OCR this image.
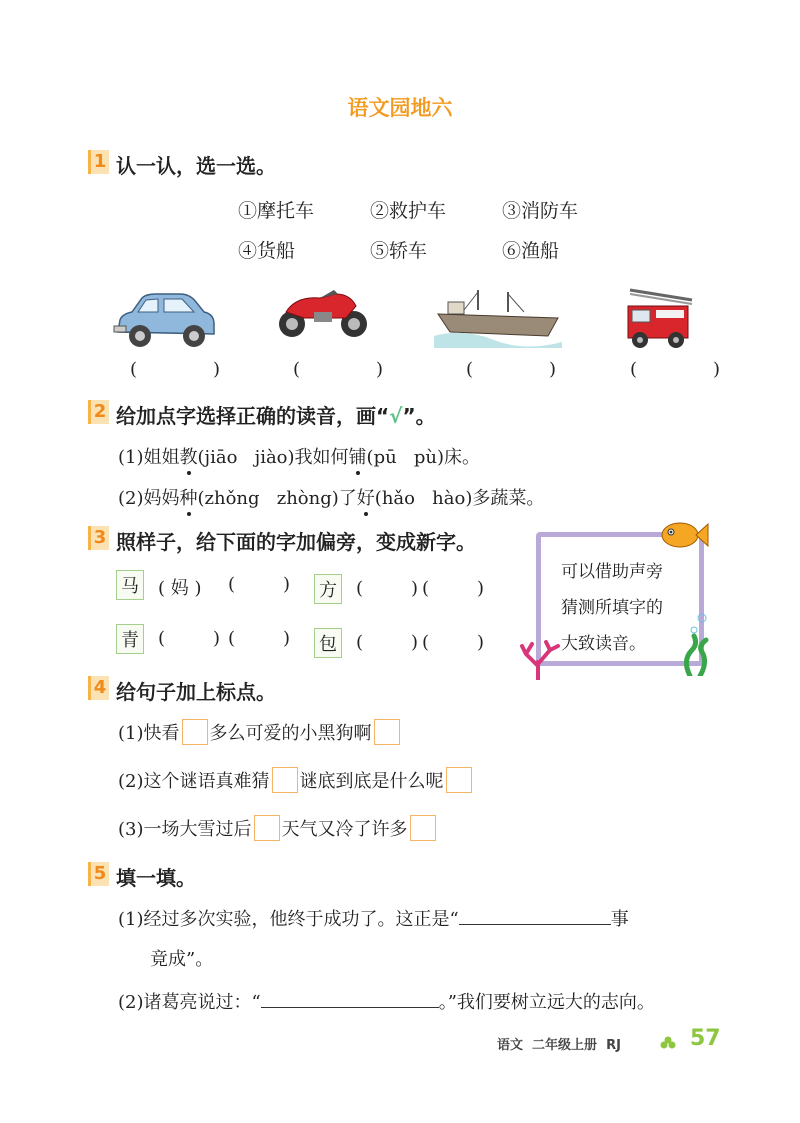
语文园地六
1 认一认，选一选。
①摩托车	②救护车	③消防车
④货船	⑤轿车	⑥渔船
(	)	(	)	(	)	(	)
2 给加点字选择正确的读音，画“√”。
(1)姐姐教(jiāo jiào)我如何铺(pū pù)床。
(2)妈妈种(zhǒng zhòng)了好(hǎo hào)多蔬菜。
3 照样子，给下面的字加偏旁，变成新字。
马 ( 妈 ) (	) 方 (	) (	)
青 (	) (	) 包 (	) (	)
可以借助声旁
猜测所填字的
大致读音。
4 给句子加上标点。
(1)快看 多么可爱的小黑狗啊
(2)这个谜语真难猜 谜底到底是什么呢
(3)一场大雪过后 天气又冷了许多
5 填一填。
(1)经过多次实验，他终于成功了。这正是“	事
竟成”。
(2)诸葛亮说过：“	。”我们要树立远大的志向。
语文  二年级上册  RJ	57
